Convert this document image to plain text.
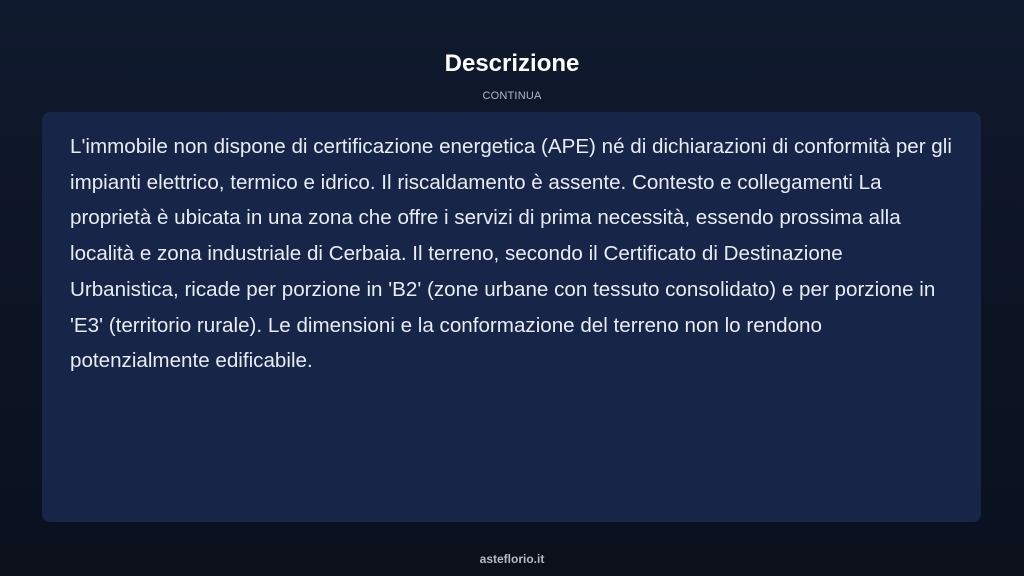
Descrizione
CONTINUA

L'immobile non dispone di certificazione energetica (APE) né di dichiarazioni di conformità per gli impianti elettrico, termico e idrico. Il riscaldamento è assente. Contesto e collegamenti La proprietà è ubicata in una zona che offre i servizi di prima necessità, essendo prossima alla località e zona industriale di Cerbaia. Il terreno, secondo il Certificato di Destinazione Urbanistica, ricade per porzione in 'B2' (zone urbane con tessuto consolidato) e per porzione in 'E3' (territorio rurale). Le dimensioni e la conformazione del terreno non lo rendono potenzialmente edificabile.

asteflorio.it
